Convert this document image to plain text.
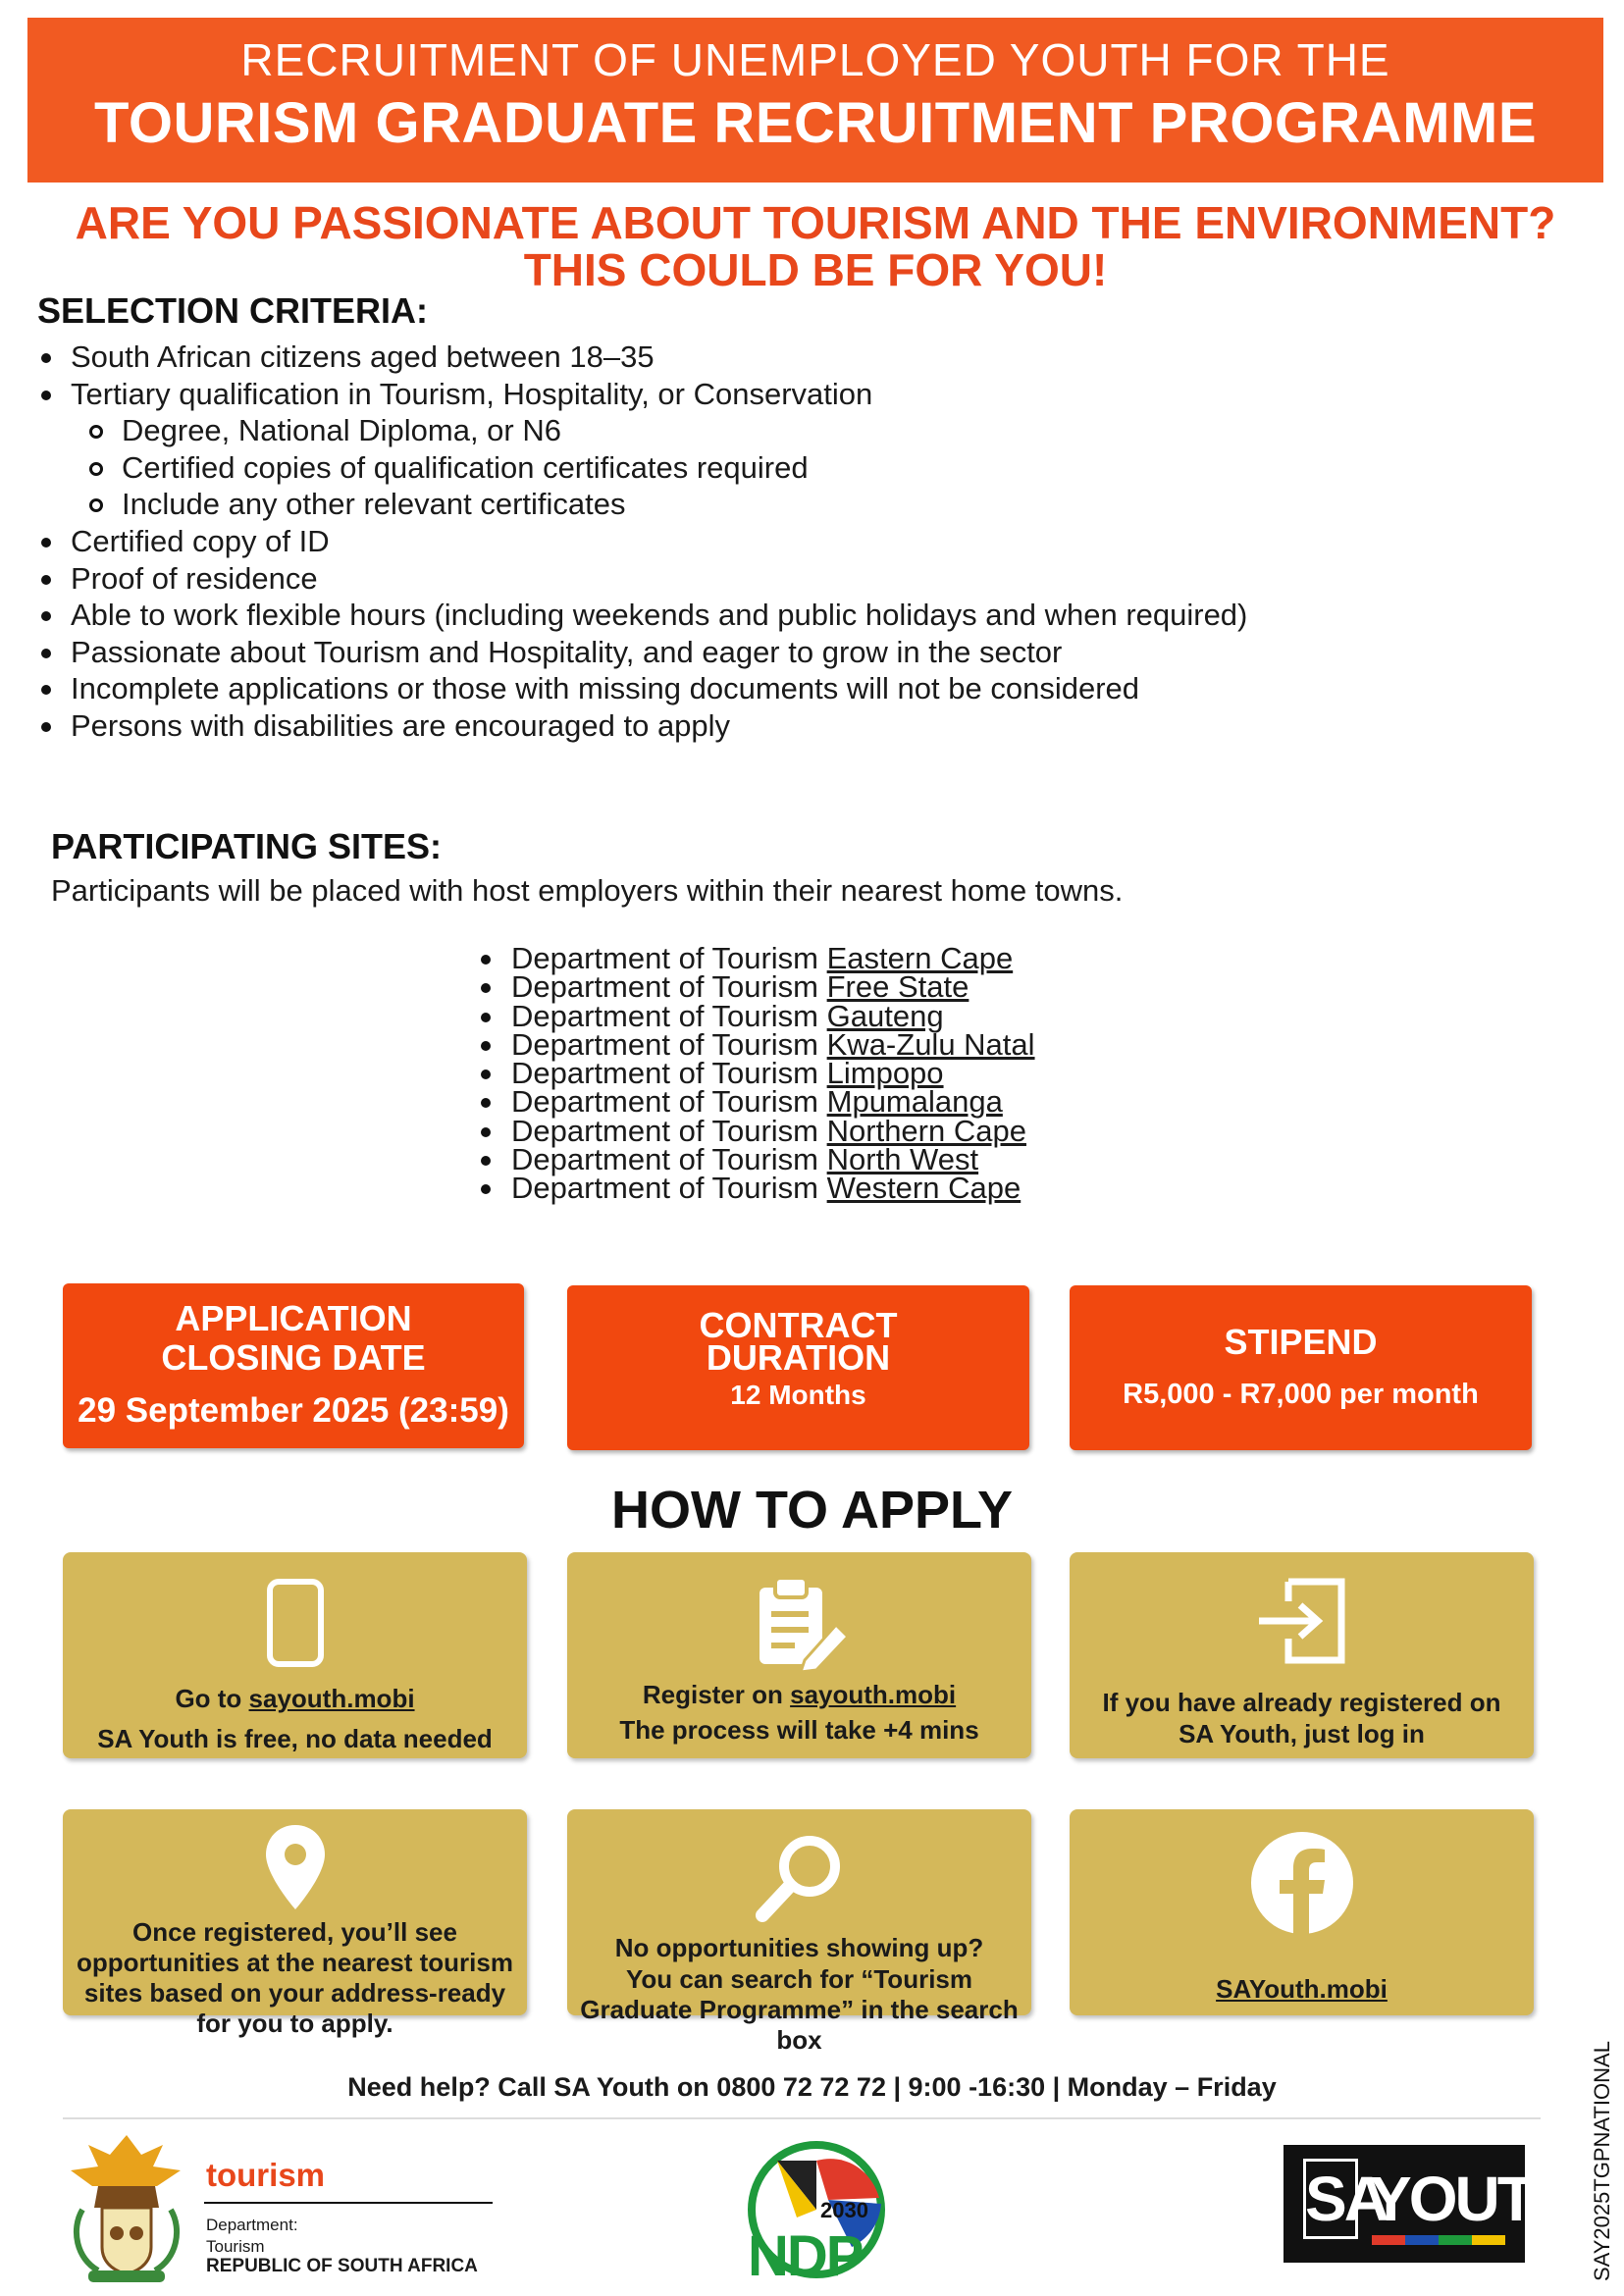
RECRUITMENT OF UNEMPLOYED YOUTH FOR THE
TOURISM GRADUATE RECRUITMENT PROGRAMME
ARE YOU PASSIONATE ABOUT TOURISM AND THE ENVIRONMENT?
THIS COULD BE FOR YOU!
SELECTION CRITERIA:
South African citizens aged between 18–35
Tertiary qualification in Tourism, Hospitality, or Conservation
Degree, National Diploma, or N6
Certified copies of qualification certificates required
Include any other relevant certificates
Certified copy of ID
Proof of residence
Able to work flexible hours (including weekends and public holidays and when required)
Passionate about Tourism and Hospitality, and eager to grow in the sector
Incomplete applications or those with missing documents will not be considered
Persons with disabilities are encouraged to apply
PARTICIPATING SITES:
Participants will be placed with host employers within their nearest home towns.
Department of Tourism Eastern Cape
Department of Tourism Free State
Department of Tourism Gauteng
Department of Tourism Kwa-Zulu Natal
Department of Tourism Limpopo
Department of Tourism Mpumalanga
Department of Tourism Northern Cape
Department of Tourism North West
Department of Tourism Western Cape
APPLICATION
CLOSING DATE
29 September 2025 (23:59)
CONTRACT
DURATION
12 Months
STIPEND
R5,000 - R7,000 per month
HOW TO APPLY
Go to sayouth.mobi
SA Youth is free, no data needed
Register on sayouth.mobi
The process will take +4 mins
If you have already registered on
SA Youth, just log in
Once registered, you’ll see
opportunities at the nearest tourism
sites based on your address-ready
for you to apply.
No opportunities showing up?
You can search for “Tourism
Graduate Programme” in the search
box
SAYouth.mobi
Need help? Call SA Youth on 0800 72 72 72 | 9:00 -16:30 | Monday – Friday
tourism
Department:
Tourism
REPUBLIC OF SOUTH AFRICA
2030
NDP
SA
YOUTH SAY2025TGPNATIONAL
